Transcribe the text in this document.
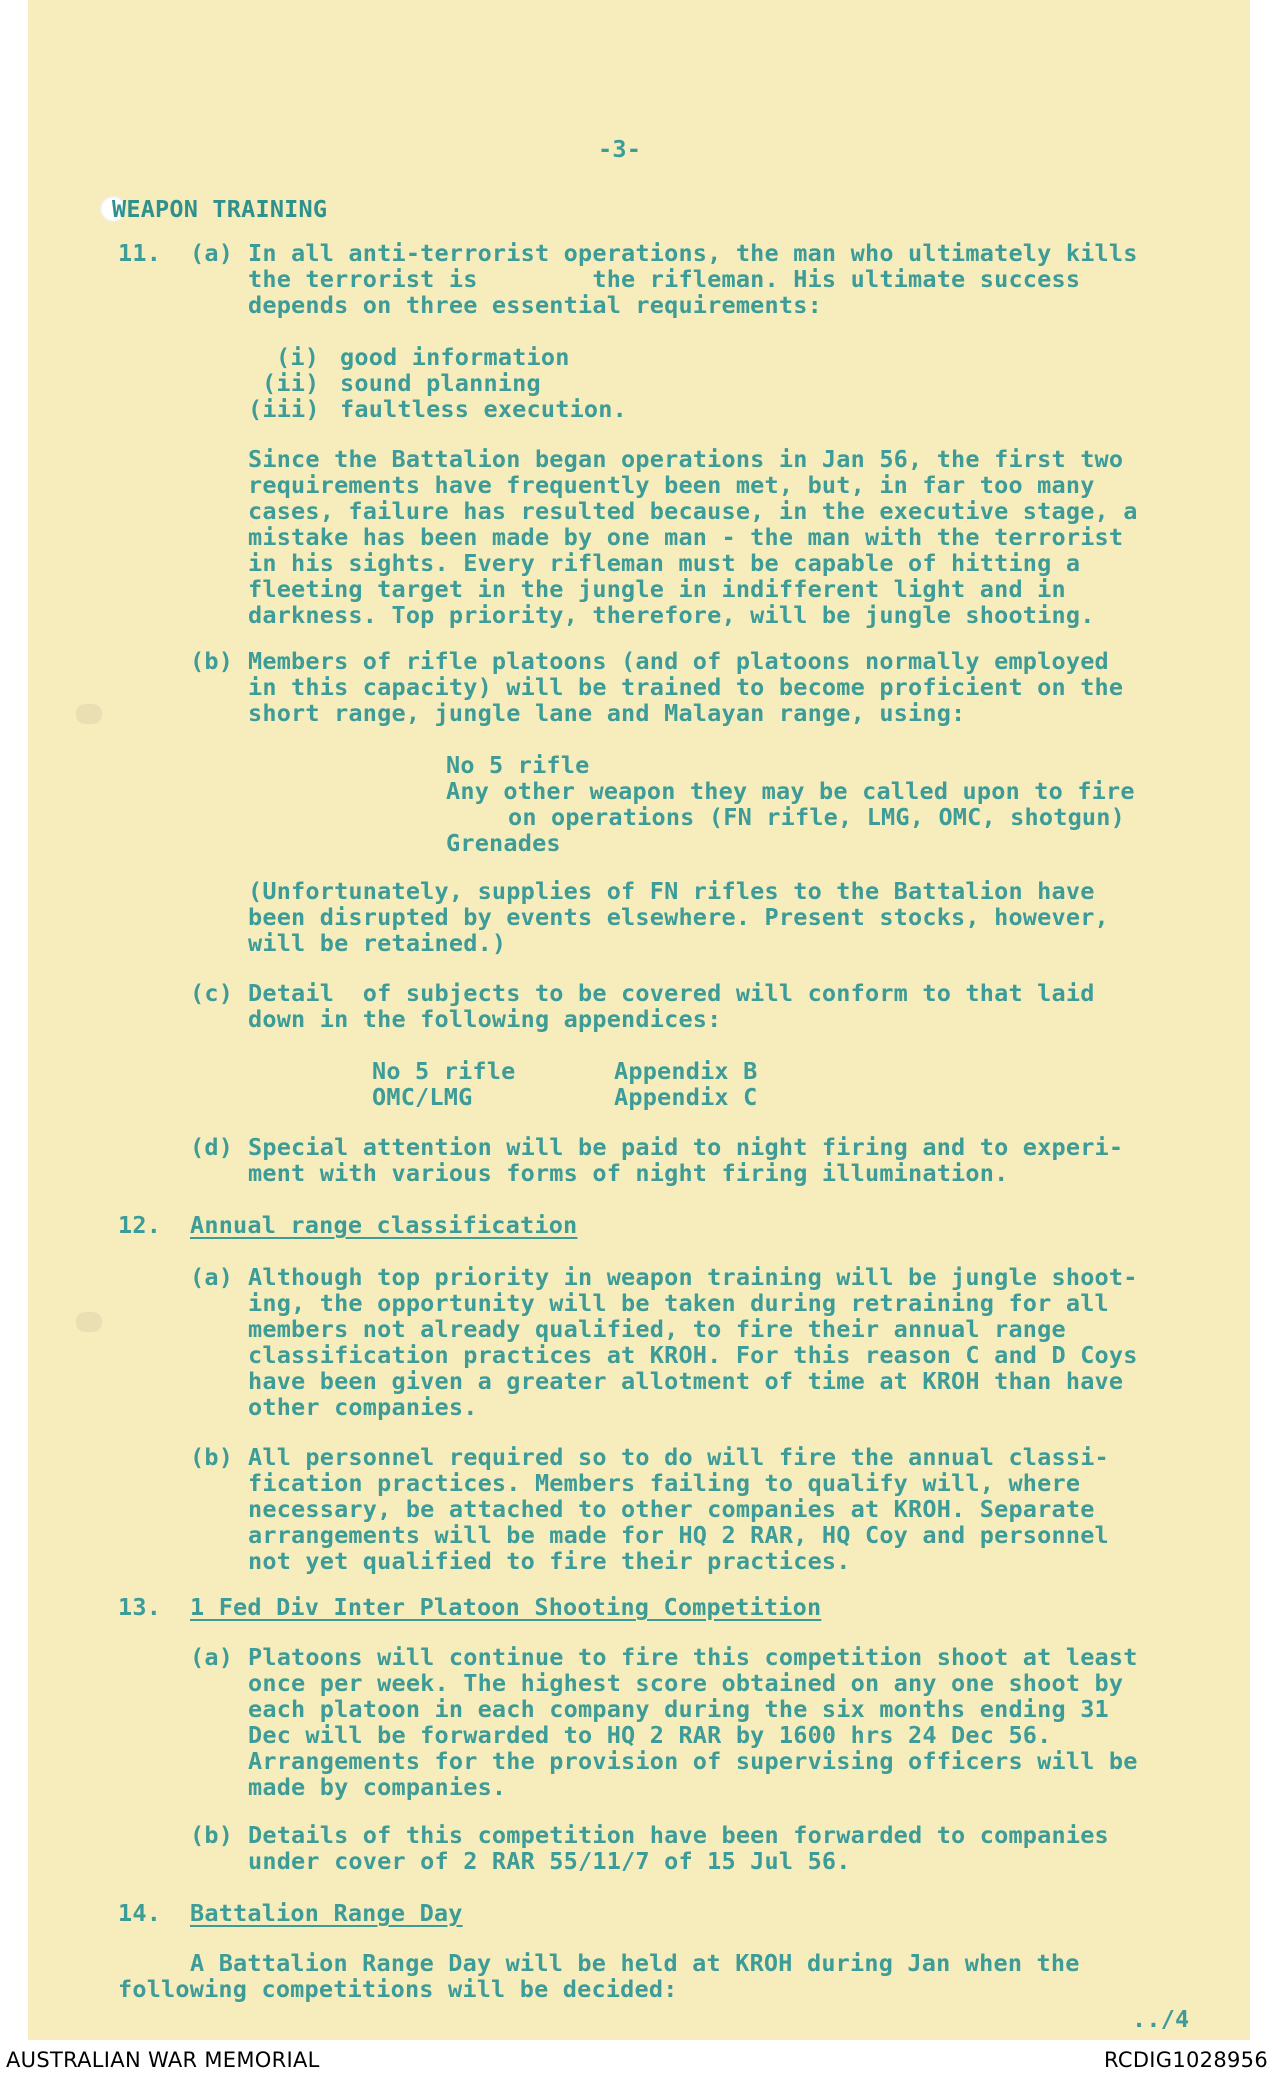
-3-

WEAPON TRAINING

11. (a) In all anti-terrorist operations, the man who ultimately kills

the terrorist is        the rifleman. His ultimate success

depends on three essential requirements:

(i) good information

(ii) sound planning

(iii) faultless execution.

Since the Battalion began operations in Jan 56, the first two

requirements have frequently been met, but, in far too many

cases, failure has resulted because, in the executive stage, a

mistake has been made by one man - the man with the terrorist

in his sights. Every rifleman must be capable of hitting a

fleeting target in the jungle in indifferent light and in

darkness. Top priority, therefore, will be jungle shooting.

(b) Members of rifle platoons (and of platoons normally employed

in this capacity) will be trained to become proficient on the

short range, jungle lane and Malayan range, using:

No 5 rifle

Any other weapon they may be called upon to fire

on operations (FN rifle, LMG, OMC, shotgun)

Grenades

(Unfortunately, supplies of FN rifles to the Battalion have

been disrupted by events elsewhere. Present stocks, however,

will be retained.)

(c) Detail  of subjects to be covered will conform to that laid

down in the following appendices:

No 5 rifle	Appendix B

OMC/LMG	Appendix C

(d) Special attention will be paid to night firing and to experi-

ment with various forms of night firing illumination.

12. Annual range classification

(a) Although top priority in weapon training will be jungle shoot-

ing, the opportunity will be taken during retraining for all

members not already qualified, to fire their annual range

classification practices at KROH. For this reason C and D Coys

have been given a greater allotment of time at KROH than have

other companies.

(b) All personnel required so to do will fire the annual classi-

fication practices. Members failing to qualify will, where

necessary, be attached to other companies at KROH. Separate

arrangements will be made for HQ 2 RAR, HQ Coy and personnel

not yet qualified to fire their practices.

13. 1 Fed Div Inter Platoon Shooting Competition

(a) Platoons will continue to fire this competition shoot at least

once per week. The highest score obtained on any one shoot by

each platoon in each company during the six months ending 31

Dec will be forwarded to HQ 2 RAR by 1600 hrs 24 Dec 56.

Arrangements for the provision of supervising officers will be

made by companies.

(b) Details of this competition have been forwarded to companies

under cover of 2 RAR 55/11/7 of 15 Jul 56.

14. Battalion Range Day

A Battalion Range Day will be held at KROH during Jan when the

following competitions will be decided:

../4

AUSTRALIAN WAR MEMORIAL	RCDIG1028956
